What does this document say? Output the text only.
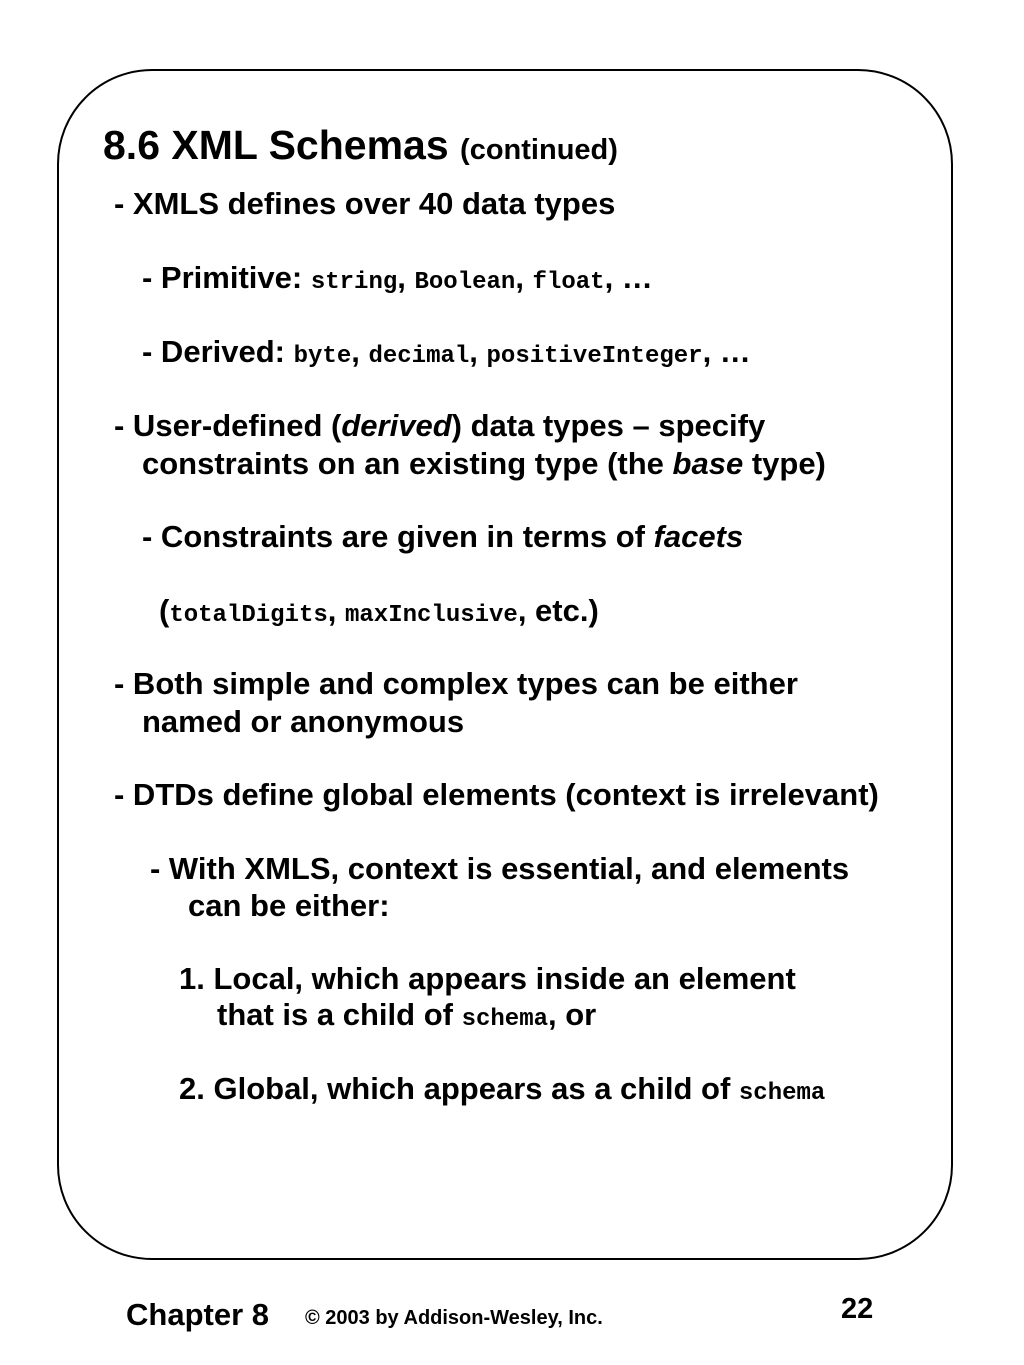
8.6 XML Schemas (continued)
- XMLS defines over 40 data types
- Primitive: string, Boolean, float, …
- Derived: byte, decimal, positiveInteger, …
- User-defined (derived) data types – specify
constraints on an existing type (the base type)
- Constraints are given in terms of facets
(totalDigits, maxInclusive, etc.)
- Both simple and complex types can be either
named or anonymous
- DTDs define global elements (context is irrelevant)
- With XMLS, context is essential, and elements
can be either:
1. Local, which appears inside an element
that is a child of schema, or
2. Global, which appears as a child of schema
Chapter 8 © 2003 by Addison-Wesley, Inc.	22
